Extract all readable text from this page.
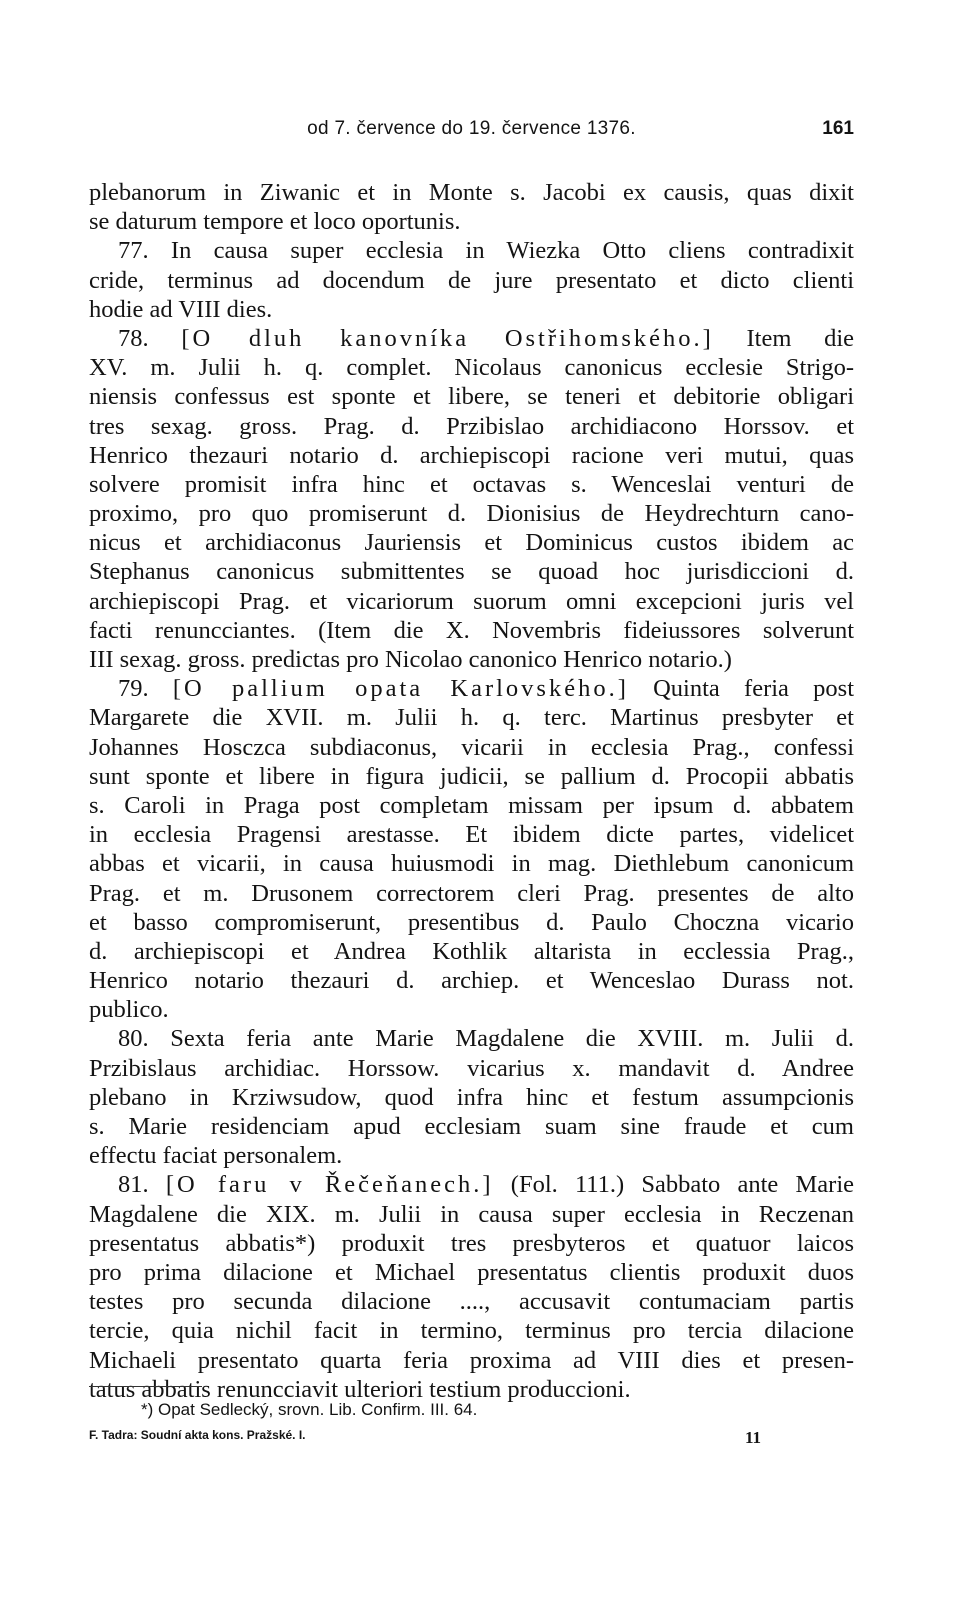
od 7. července do 19. července 1376.	161
plebanorum in Ziwanic et in Monte s. Jacobi ex causis, quas dixit
se daturum tempore et loco oportunis.
77. In causa super ecclesia in Wiezka Otto cliens contradixit
cride, terminus ad docendum de jure presentato et dicto clienti
hodie ad VIII dies.
78. [O dluh kanovníka Ostřihomského.] Item die
XV. m. Julii h. q. complet. Nicolaus canonicus ecclesie Strigo-
niensis confessus est sponte et libere, se teneri et debitorie obligari
tres sexag. gross. Prag. d. Przibislao archidiacono Horssov. et
Henrico thezauri notario d. archiepiscopi racione veri mutui, quas
solvere promisit infra hinc et octavas s. Wenceslai venturi de
proximo, pro quo promiserunt d. Dionisius de Heydrechturn cano-
nicus et archidiaconus Jauriensis et Dominicus custos ibidem ac
Stephanus canonicus submittentes se quoad hoc jurisdiccioni d.
archiepiscopi Prag. et vicariorum suorum omni excepcioni juris vel
facti renuncciantes. (Item die X. Novembris fideiussores solverunt
III sexag. gross. predictas pro Nicolao canonico Henrico notario.)
79. [O pallium opata Karlovského.] Quinta feria post
Margarete die XVII. m. Julii h. q. terc. Martinus presbyter et
Johannes Hosczca subdiaconus, vicarii in ecclesia Prag., confessi
sunt sponte et libere in figura judicii, se pallium d. Procopii abbatis
s. Caroli in Praga post completam missam per ipsum d. abbatem
in ecclesia Pragensi arestasse. Et ibidem dicte partes, videlicet
abbas et vicarii, in causa huiusmodi in mag. Diethlebum canonicum
Prag. et m. Drusonem correctorem cleri Prag. presentes de alto
et basso compromiserunt, presentibus d. Paulo Choczna vicario
d. archiepiscopi et Andrea Kothlik altarista in ecclessia Prag.,
Henrico notario thezauri d. archiep. et Wenceslao Durass not.
publico.
80. Sexta feria ante Marie Magdalene die XVIII. m. Julii d.
Przibislaus archidiac. Horssow. vicarius x. mandavit d. Andree
plebano in Krziwsudow, quod infra hinc et festum assumpcionis
s. Marie residenciam apud ecclesiam suam sine fraude et cum
effectu faciat personalem.
81. [O faru v Řečeňanech.] (Fol. 111.) Sabbato ante Marie
Magdalene die XIX. m. Julii in causa super ecclesia in Reczenan
presentatus abbatis*) produxit tres presbyteros et quatuor laicos
pro prima dilacione et Michael presentatus clientis produxit duos
testes pro secunda dilacione ...., accusavit contumaciam partis
tercie, quia nichil facit in termino, terminus pro tercia dilacione
Michaeli presentato quarta feria proxima ad VIII dies et presen-
tatus abbatis renuncciavit ulteriori testium produccioni.
*) Opat Sedlecký, srovn. Lib. Confirm. III. 64.
F. Tadra: Soudní akta kons. Pražské. I.	11
